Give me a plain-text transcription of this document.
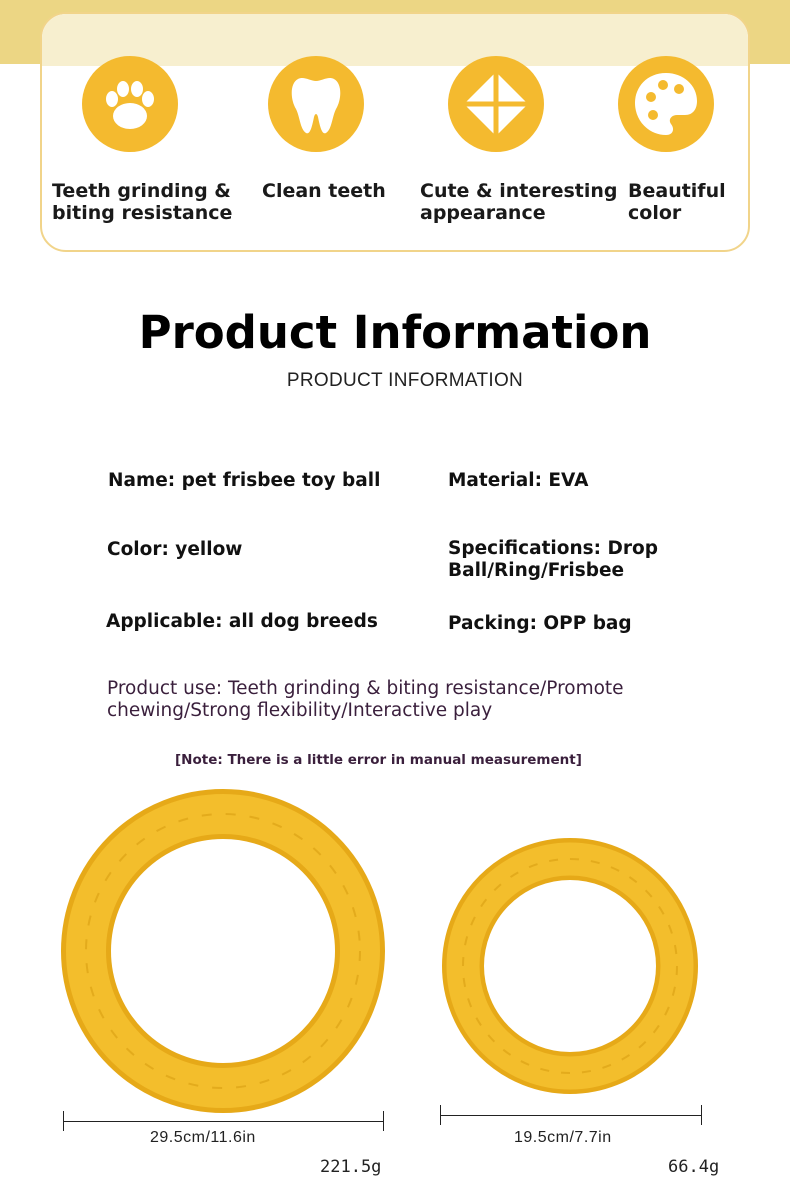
Teeth grinding &
biting resistance
Clean teeth	Cute & interesting
appearance
Beautiful
color
Product Information
PRODUCT INFORMATION
Name: pet frisbee toy ball	Material: EVA
Color: yellow	Specifications: Drop
Ball/Ring/Frisbee
Applicable: all dog breeds	Packing: OPP bag
Product use: Teeth grinding & biting resistance/Promote chewing/Strong flexibility/Interactive play
[Note: There is a little error in manual measurement]
29.5cm/11.6in
221.5g
19.5cm/7.7in
66.4g
